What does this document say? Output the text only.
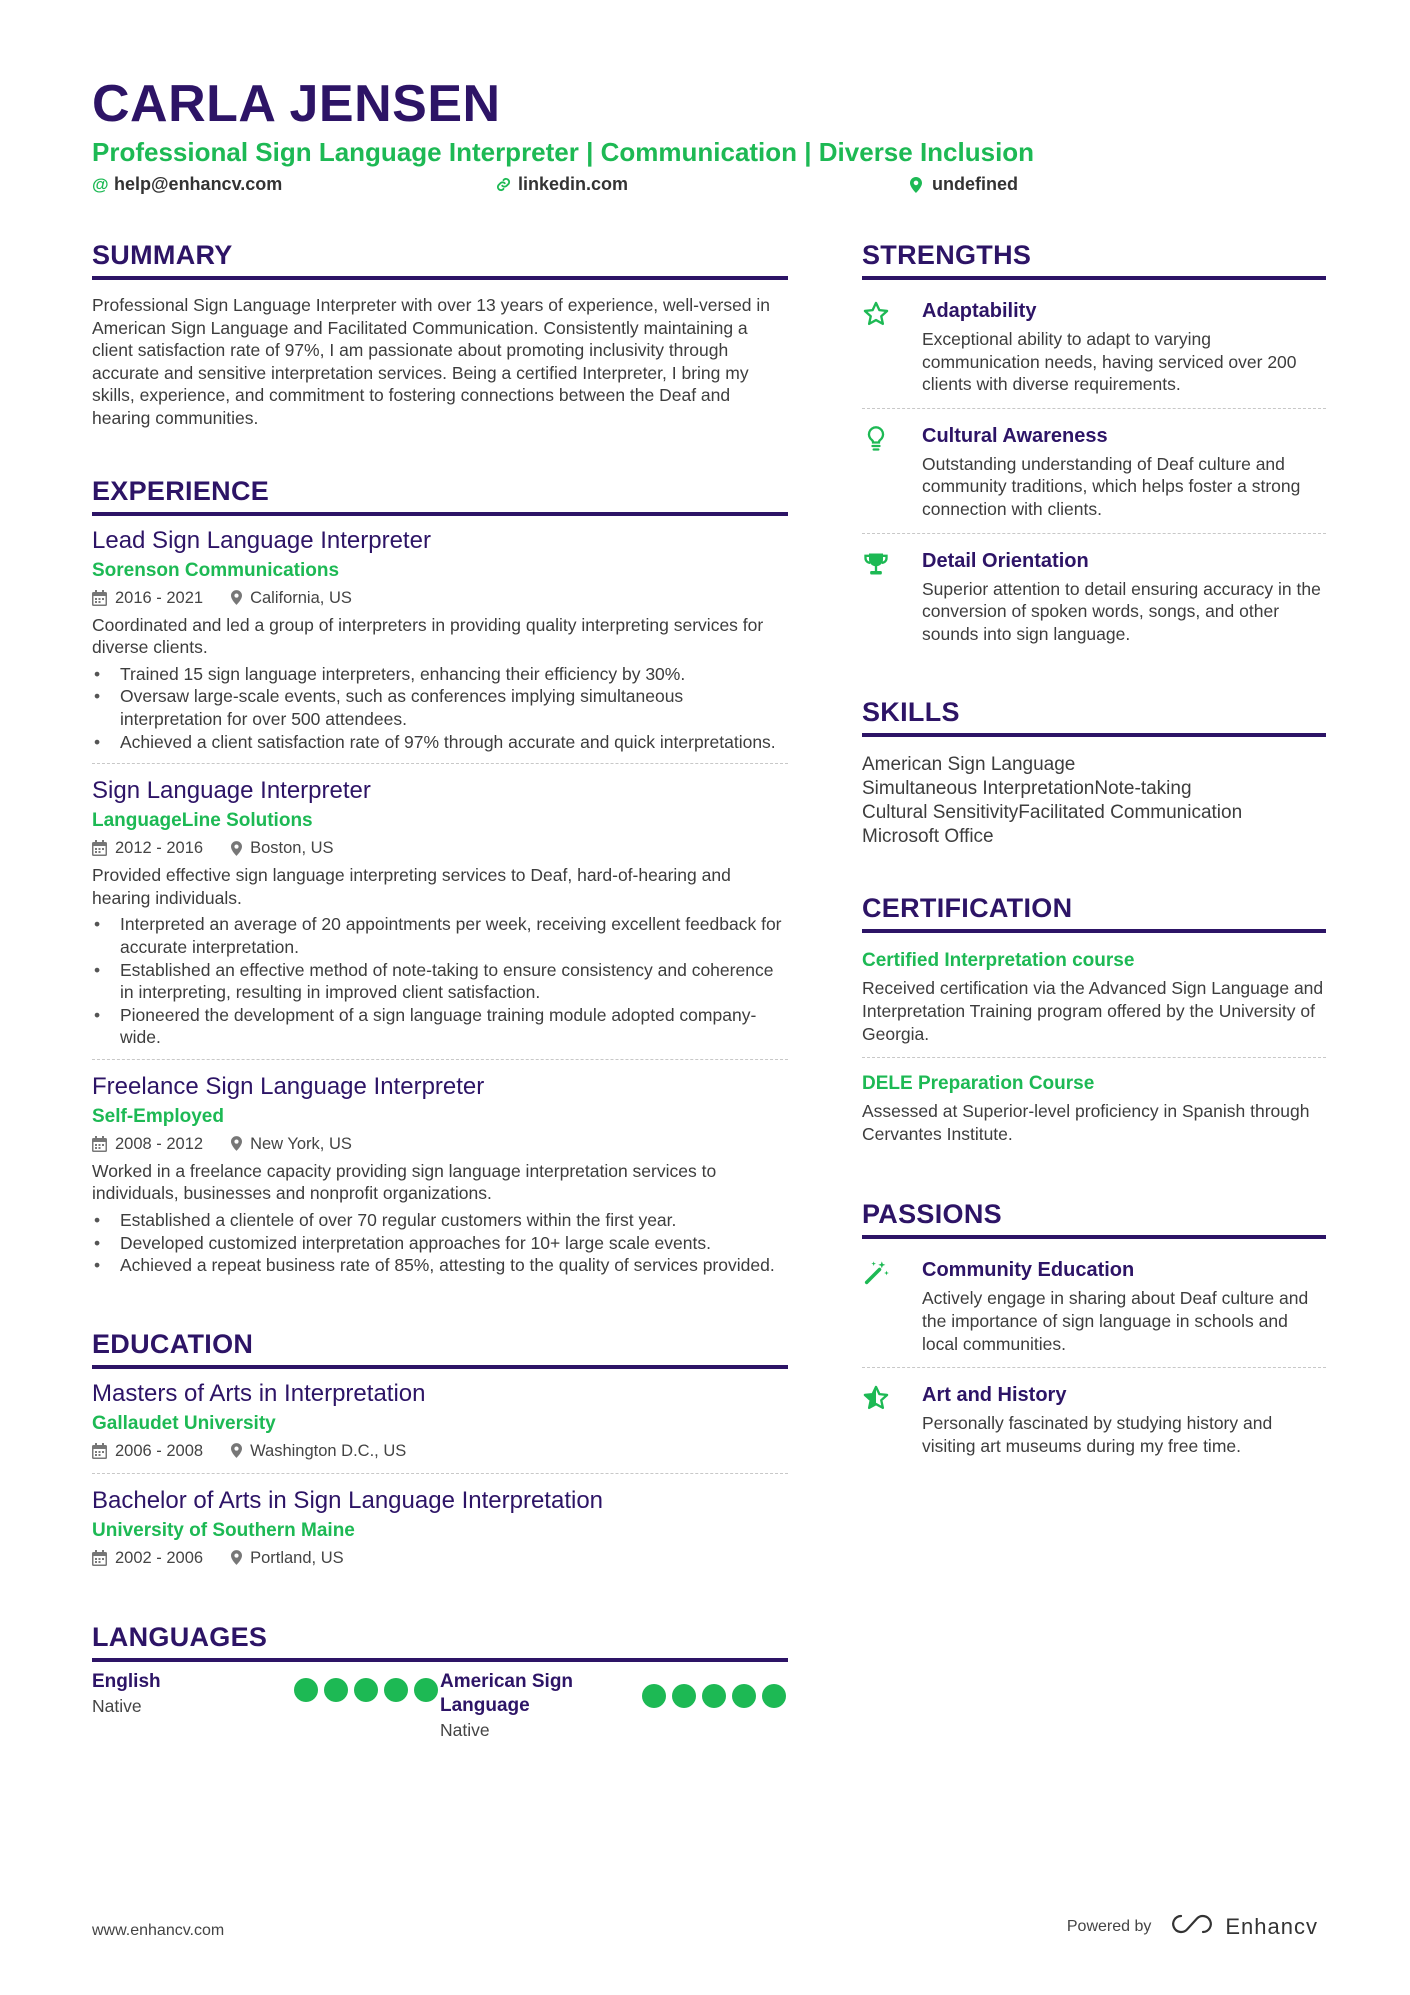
CARLA JENSEN
Professional Sign Language Interpreter | Communication | Diverse Inclusion
@ help@enhancv.com	linkedin.com	undefined
SUMMARY
Professional Sign Language Interpreter with over 13 years of experience, well-versed in American Sign Language and Facilitated Communication. Consistently maintaining a client satisfaction rate of 97%, I am passionate about promoting inclusivity through accurate and sensitive interpretation services. Being a certified Interpreter, I bring my skills, experience, and commitment to fostering connections between the Deaf and hearing communities.
EXPERIENCE
Lead Sign Language Interpreter
Sorenson Communications
2016 - 2021	California, US
Coordinated and led a group of interpreters in providing quality interpreting services for diverse clients.
• Trained 15 sign language interpreters, enhancing their efficiency by 30%.
• Oversaw large-scale events, such as conferences implying simultaneous interpretation for over 500 attendees.
• Achieved a client satisfaction rate of 97% through accurate and quick interpretations.
Sign Language Interpreter
LanguageLine Solutions
2012 - 2016	Boston, US
Provided effective sign language interpreting services to Deaf, hard-of-hearing and hearing individuals.
• Interpreted an average of 20 appointments per week, receiving excellent feedback for accurate interpretation.
• Established an effective method of note-taking to ensure consistency and coherence in interpreting, resulting in improved client satisfaction.
• Pioneered the development of a sign language training module adopted company-wide.
Freelance Sign Language Interpreter
Self-Employed
2008 - 2012	New York, US
Worked in a freelance capacity providing sign language interpretation services to individuals, businesses and nonprofit organizations.
• Established a clientele of over 70 regular customers within the first year.
• Developed customized interpretation approaches for 10+ large scale events.
• Achieved a repeat business rate of 85%, attesting to the quality of services provided.
EDUCATION
Masters of Arts in Interpretation
Gallaudet University
2006 - 2008	Washington D.C., US
Bachelor of Arts in Sign Language Interpretation
University of Southern Maine
2002 - 2006	Portland, US
LANGUAGES
English
Native
American Sign Language
Native
STRENGTHS
Adaptability
Exceptional ability to adapt to varying communication needs, having serviced over 200 clients with diverse requirements.
Cultural Awareness
Outstanding understanding of Deaf culture and community traditions, which helps foster a strong connection with clients.
Detail Orientation
Superior attention to detail ensuring accuracy in the conversion of spoken words, songs, and other sounds into sign language.
SKILLS
American Sign Language
Simultaneous InterpretationNote-taking
Cultural SensitivityFacilitated Communication
Microsoft Office
CERTIFICATION
Certified Interpretation course
Received certification via the Advanced Sign Language and Interpretation Training program offered by the University of Georgia.
DELE Preparation Course
Assessed at Superior-level proficiency in Spanish through Cervantes Institute.
PASSIONS
Community Education
Actively engage in sharing about Deaf culture and the importance of sign language in schools and local communities.
Art and History
Personally fascinated by studying history and visiting art museums during my free time.
www.enhancv.com	Powered by	Enhancv
